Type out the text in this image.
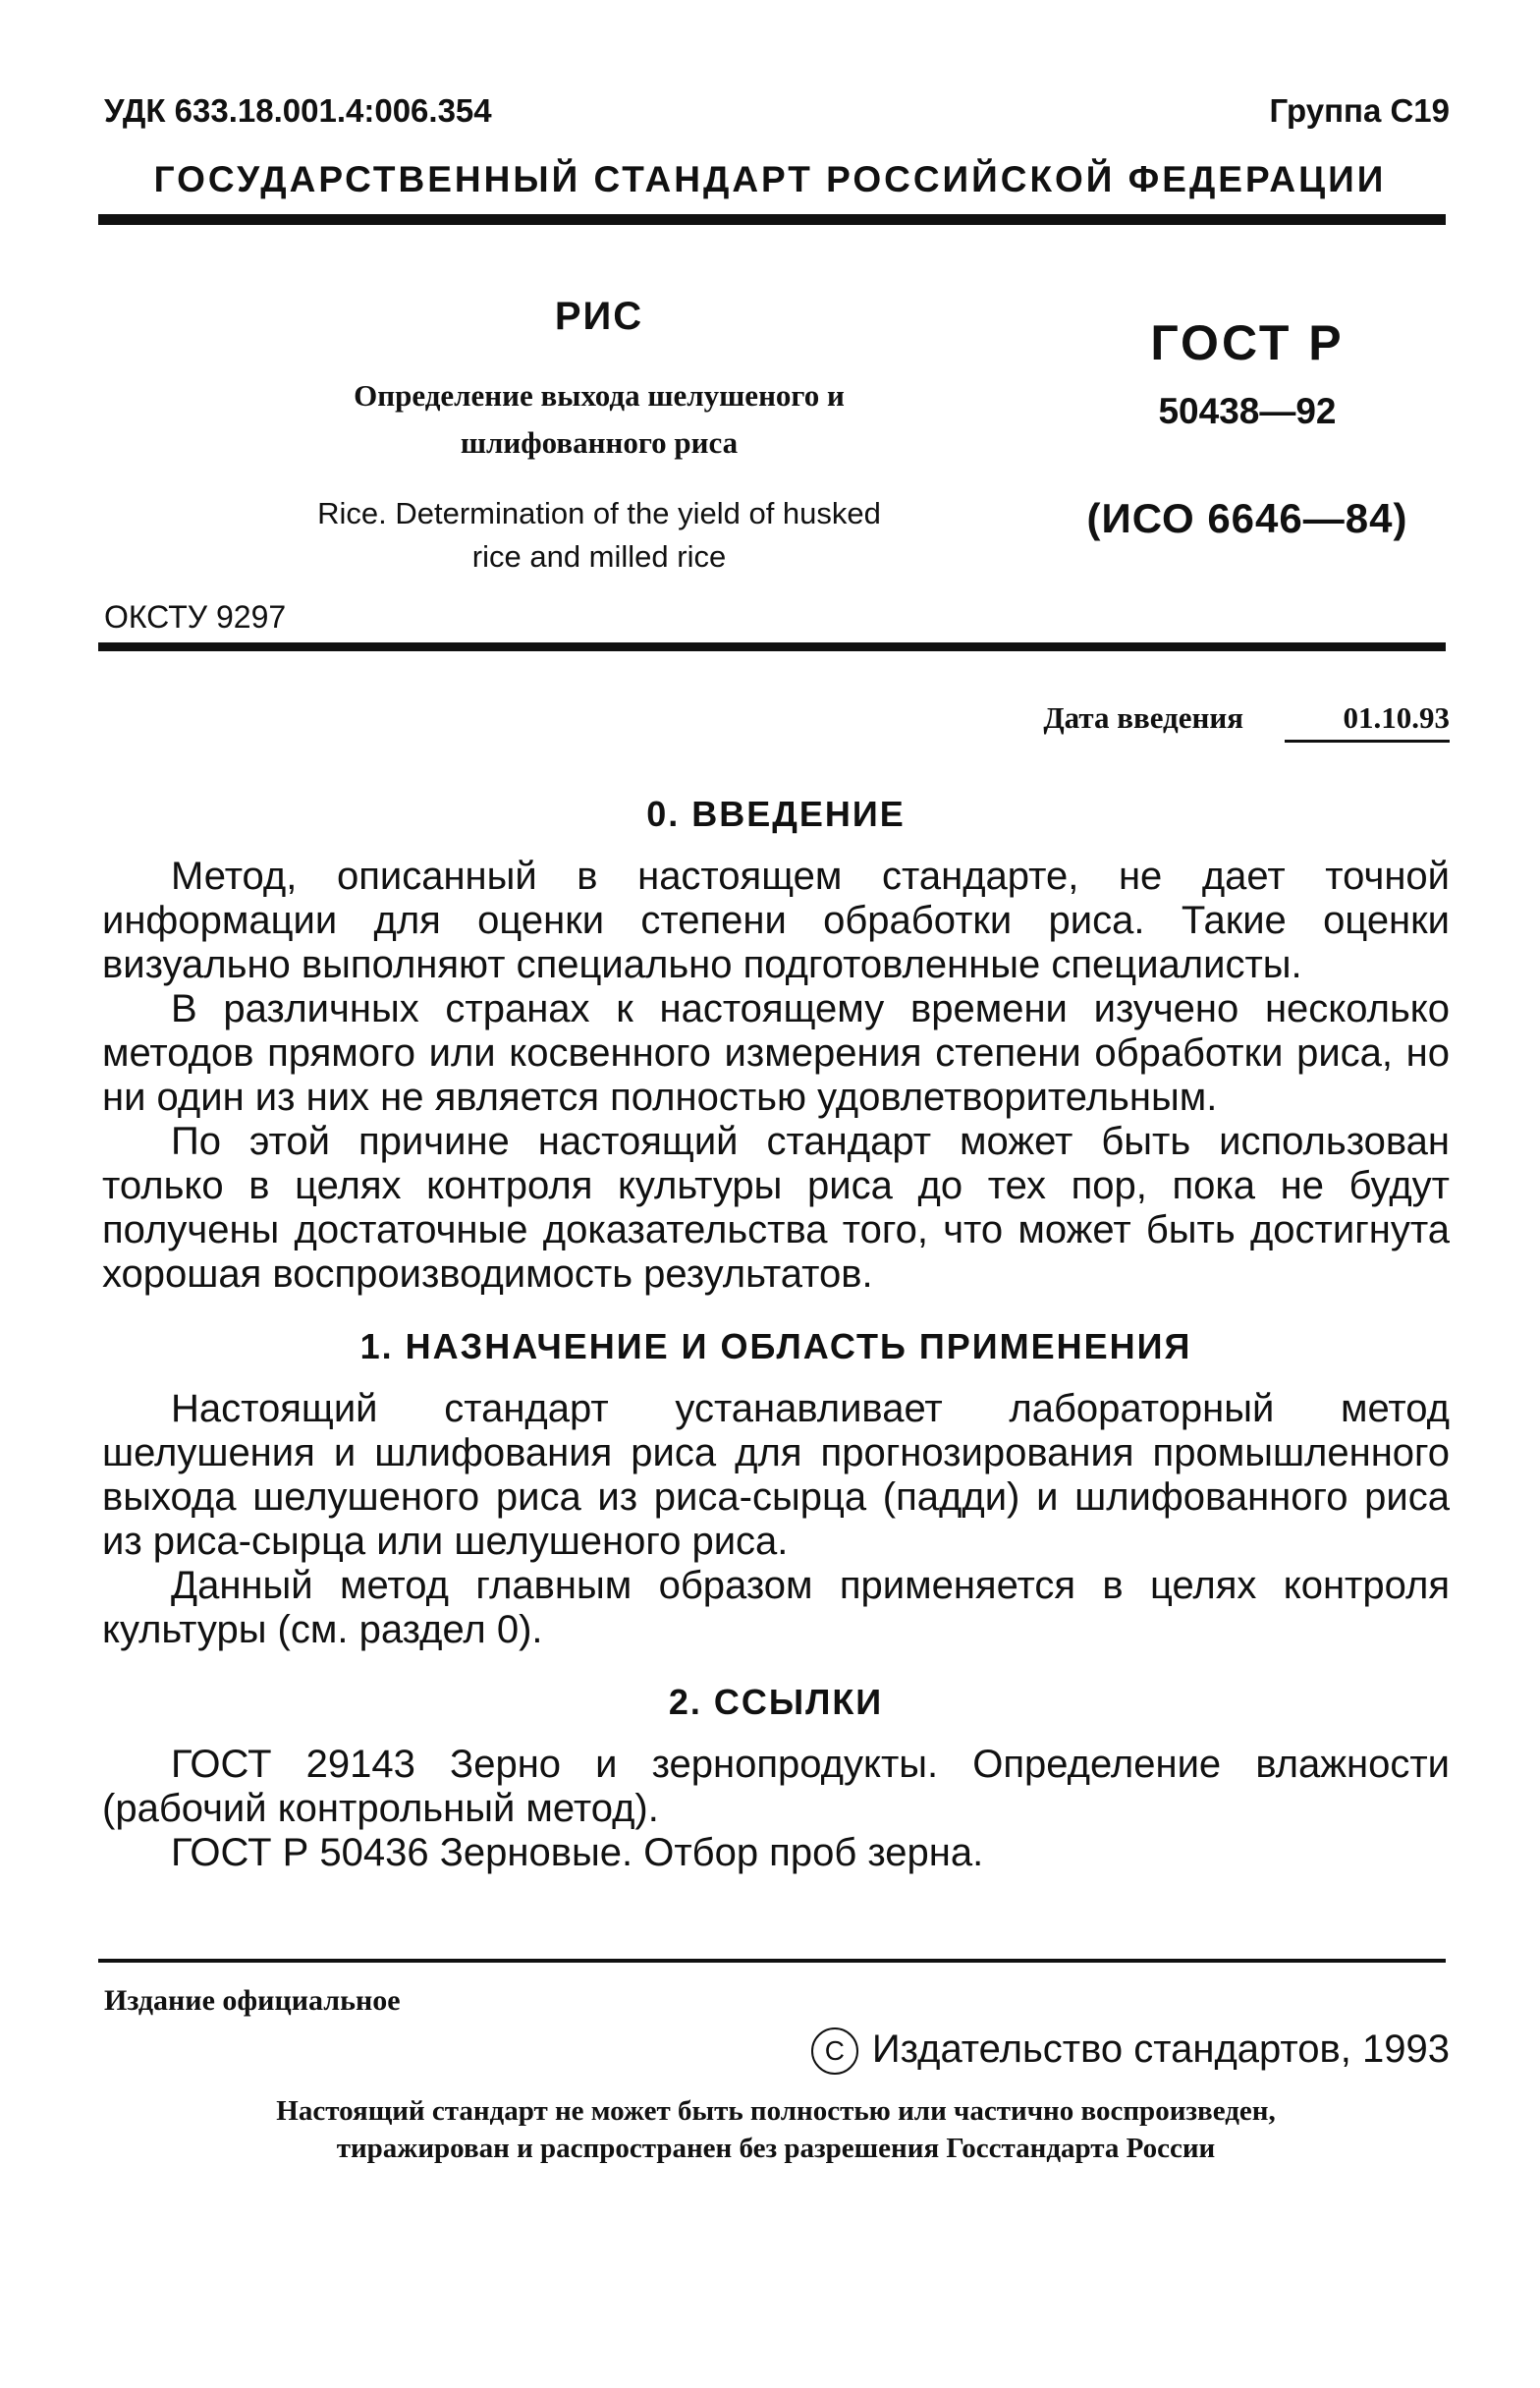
УДК 633.18.001.4:006.354	Группа С19
ГОСУДАРСТВЕННЫЙ СТАНДАРТ РОССИЙСКОЙ ФЕДЕРАЦИИ
РИС
Определение выхода шелушеного и
шлифованного риса
Rice. Determination of the yield of husked
rice and milled rice
ГОСТ Р
50438—92
(ИСО 6646—84)
ОКСТУ 9297
Дата введения	01.10.93
0. ВВЕДЕНИЕ

Метод, описанный в настоящем стандарте, не дает точной информации для оценки степени обработки риса. Такие оценки визуально выполняют специально подготовленные специалисты.

В различных странах к настоящему времени изучено несколько методов прямого или косвенного измерения степени обработки риса, но ни один из них не является полностью удовлетворительным.

По этой причине настоящий стандарт может быть использован только в целях контроля культуры риса до тех пор, пока не будут получены достаточные доказательства того, что может быть достигнута хорошая воспроизводимость результатов.

1. НАЗНАЧЕНИЕ И ОБЛАСТЬ ПРИМЕНЕНИЯ

Настоящий стандарт устанавливает лабораторный метод шелушения и шлифования риса для прогнозирования промышленного выхода шелушеного риса из риса-сырца (падди) и шлифованного риса из риса-сырца или шелушеного риса.

Данный метод главным образом применяется в целях контроля культуры (см. раздел 0).

2. ССЫЛКИ

ГОСТ 29143 Зерно и зернопродукты. Определение влажности (рабочий контрольный метод).

ГОСТ Р 50436 Зерновые. Отбор проб зерна.

Издание официальное
C Издательство стандартов, 1993
Настоящий стандарт не может быть полностью или частично воспроизведен,
тиражирован и распространен без разрешения Госстандарта России
